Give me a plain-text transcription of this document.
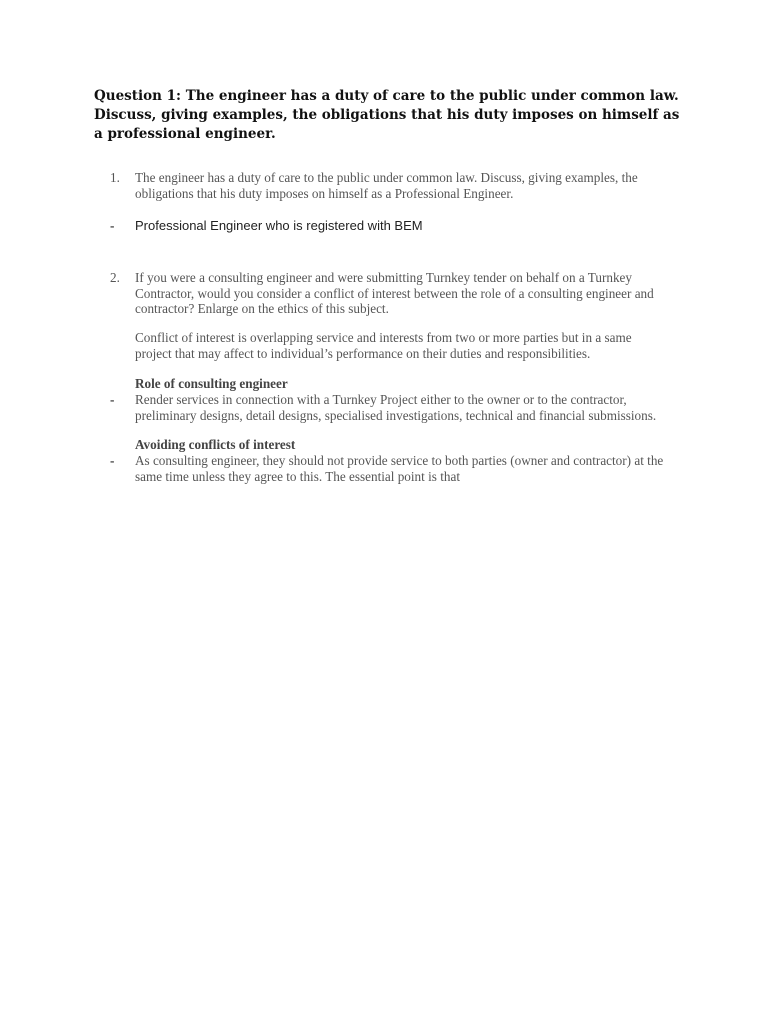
Question 1: The engineer has a duty of care to the public under common law. Discuss, giving examples, the obligations that his duty imposes on himself as a professional engineer.

1.	The engineer has a duty of care to the public under common law. Discuss, giving examples, the obligations that his duty imposes on himself as a Professional Engineer.
-	Professional Engineer who is registered with BEM
2.	If you were a consulting engineer and were submitting Turnkey tender on behalf on a Turnkey Contractor, would you consider a conflict of interest between the role of a consulting engineer and contractor? Enlarge on the ethics of this subject.
Conflict of interest is overlapping service and interests from two or more parties but in a same project that may affect to individual’s performance on their duties and responsibilities.
Role of consulting engineer
-	Render services in connection with a Turnkey Project either to the owner or to the contractor, preliminary designs, detail designs, specialised investigations, technical and financial submissions.
Avoiding conflicts of interest
-	As consulting engineer, they should not provide service to both parties (owner and contractor) at the same time unless they agree to this. The essential point is that
